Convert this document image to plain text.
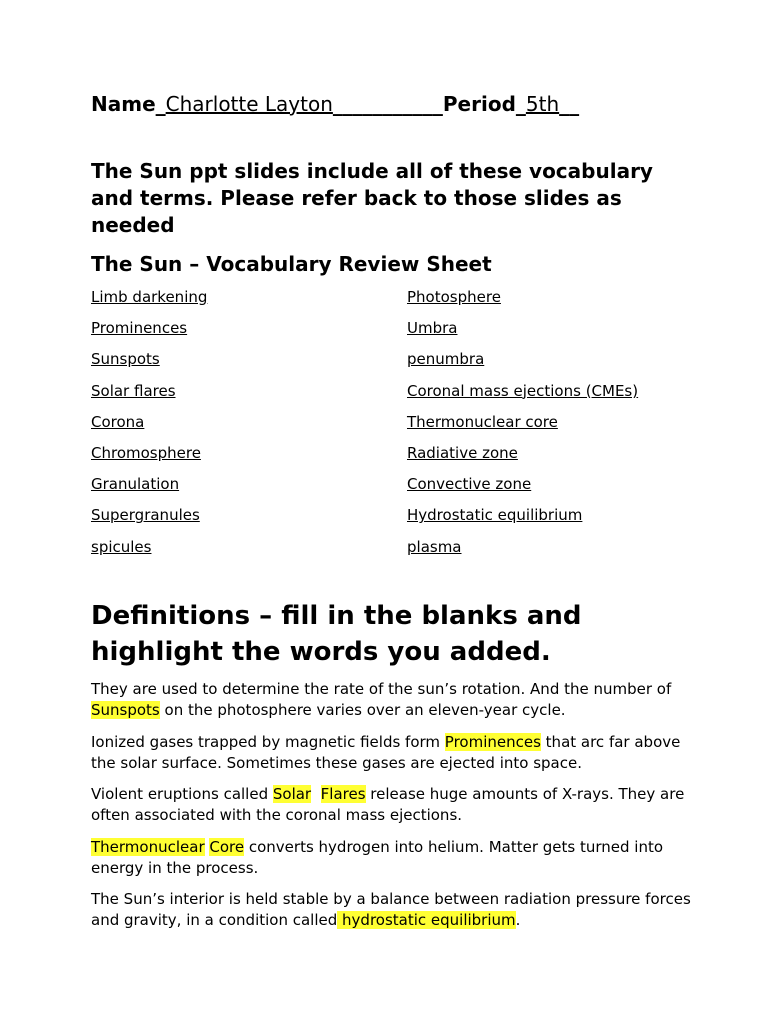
Name_Charlotte Layton___________Period_5th__

The Sun ppt slides include all of these vocabulary and terms. Please refer back to those slides as needed

The Sun – Vocabulary Review Sheet
Limb darkening	Photosphere
Prominences	Umbra
Sunspots	penumbra
Solar flares	Coronal mass ejections (CMEs)
Corona	Thermonuclear core
Chromosphere	Radiative zone
Granulation	Convective zone
Supergranules	Hydrostatic equilibrium
spicules	plasma
Definitions – fill in the blanks and highlight the words you added.

They are used to determine the rate of the sun’s rotation. And the number of Sunspots on the photosphere varies over an eleven-year cycle.

Ionized gases trapped by magnetic fields form Prominences that arc far above the solar surface. Sometimes these gases are ejected into space.

Violent eruptions called Solar Flares release huge amounts of X-rays. They are often associated with the coronal mass ejections.

Thermonuclear Core converts hydrogen into helium. Matter gets turned into energy in the process.

The Sun’s interior is held stable by a balance between radiation pressure forces and gravity, in a condition called hydrostatic equilibrium.
